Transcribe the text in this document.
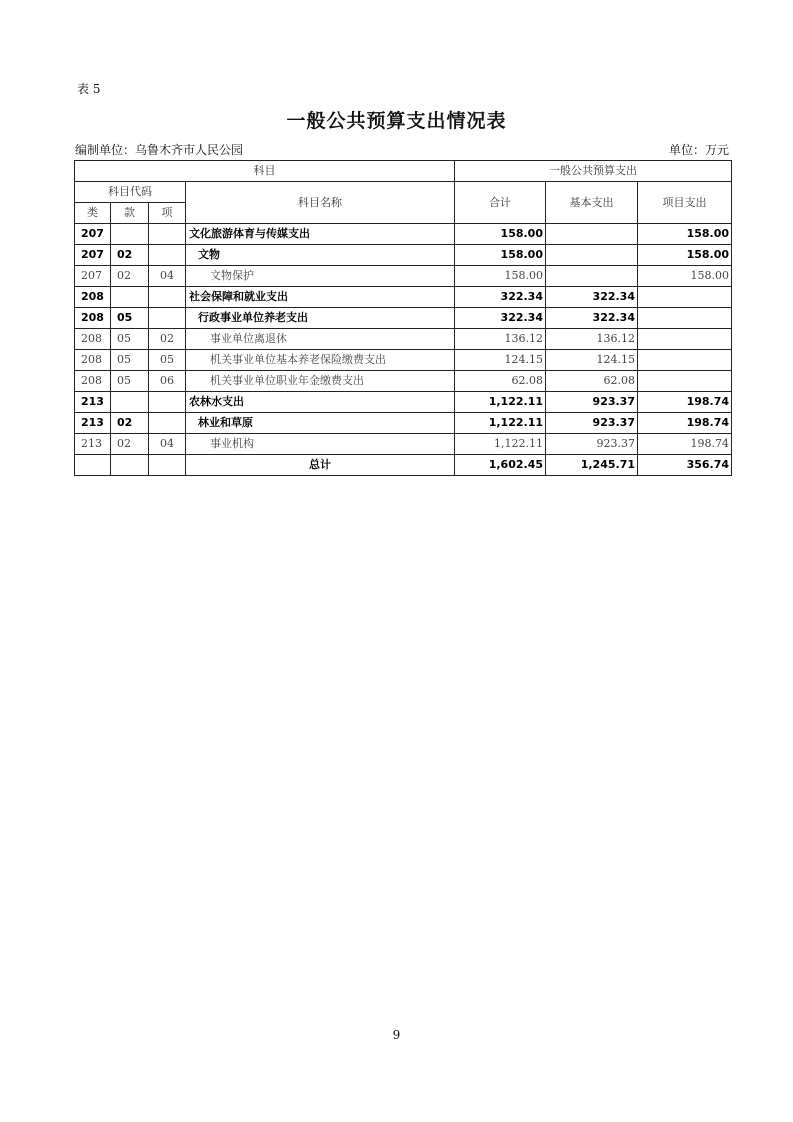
表 5
一般公共预算支出情况表
编制单位：乌鲁木齐市人民公园	单位：万元
科目				一般公共预算支出		
科目代码			科目名称	合计	基本支出	项目支出
类	款	项				
207			文化旅游体育与传媒支出	158.00		158.00
207	02		文物	158.00		158.00
207	02	04	文物保护	158.00		158.00
208			社会保障和就业支出	322.34	322.34	
208	05		行政事业单位养老支出	322.34	322.34	
208	05	02	事业单位离退休	136.12	136.12	
208	05	05	机关事业单位基本养老保险缴费支出	124.15	124.15	
208	05	06	机关事业单位职业年金缴费支出	62.08	62.08	
213			农林水支出	1,122.11	923.37	198.74
213	02		林业和草原	1,122.11	923.37	198.74
213	02	04	事业机构	1,122.11	923.37	198.74
			总计	1,602.45	1,245.71	356.74
9
